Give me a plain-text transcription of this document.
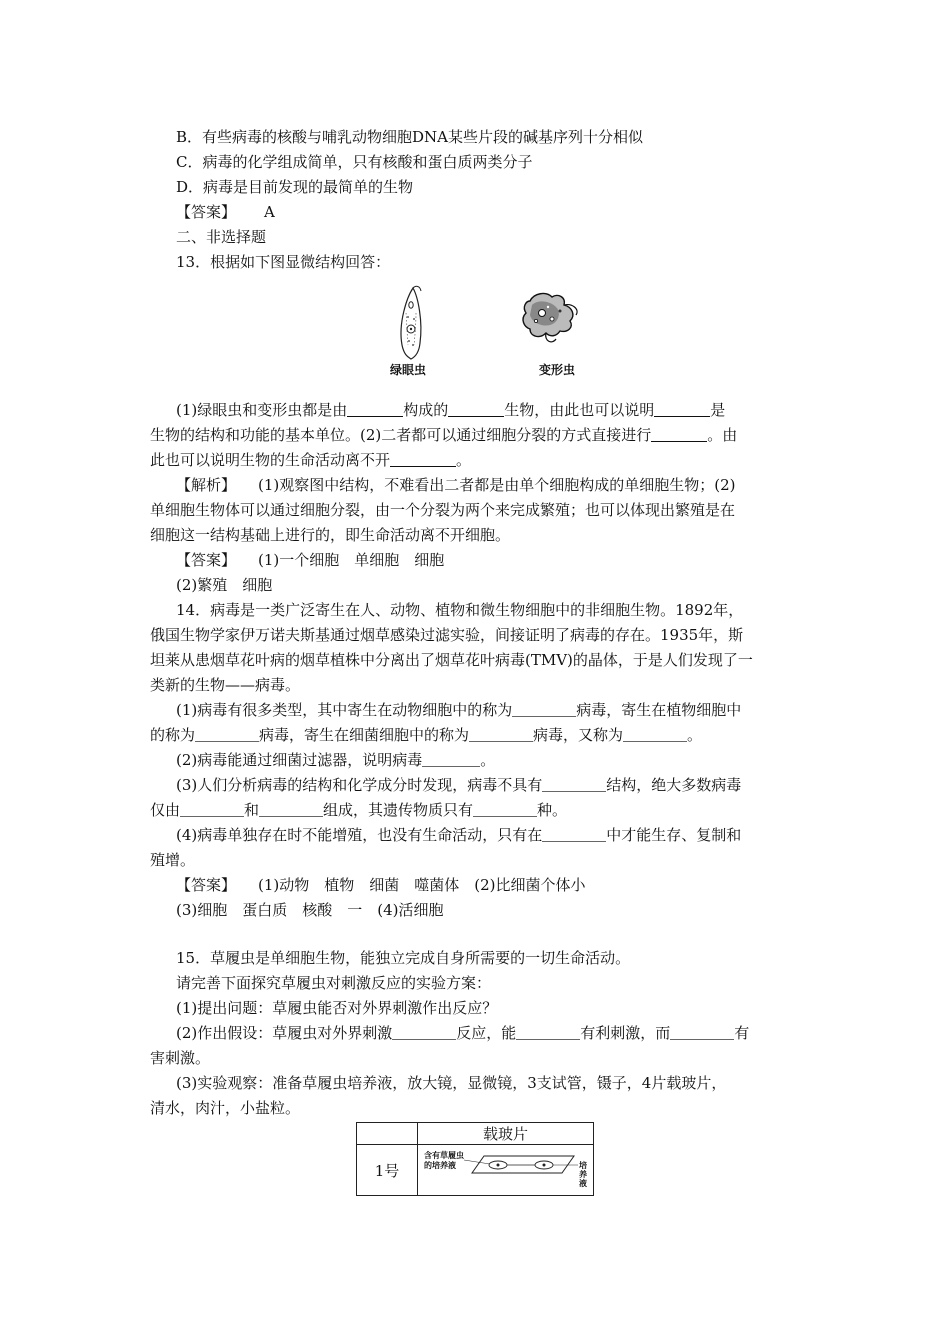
B．有些病毒的核酸与哺乳动物细胞DNA某些片段的碱基序列十分相似
C．病毒的化学组成简单，只有核酸和蛋白质两类分子
D．病毒是目前发现的最简单的生物
【答案】 A
二、非选择题
13．根据如下图显微结构回答：
绿眼虫	变形虫
(1)绿眼虫和变形虫都是由	构成的	生物，由此也可以说明	是
生物的结构和功能的基本单位。(2)二者都可以通过细胞分裂的方式直接进行	。由
此也可以说明生物的生命活动离不开	。
【解析】 (1)观察图中结构，不难看出二者都是由单个细胞构成的单细胞生物；(2)
单细胞生物体可以通过细胞分裂，由一个分裂为两个来完成繁殖；也可以体现出繁殖是在
细胞这一结构基础上进行的，即生命活动离不开细胞。
【答案】 (1)一个细胞　单细胞　细胞
(2)繁殖　细胞
14．病毒是一类广泛寄生在人、动物、植物和微生物细胞中的非细胞生物。1892年，
俄国生物学家伊万诺夫斯基通过烟草感染过滤实验，间接证明了病毒的存在。1935年，斯
坦莱从患烟草花叶病的烟草植株中分离出了烟草花叶病毒(TMV)的晶体，于是人们发现了一
类新的生物——病毒。
(1)病毒有很多类型，其中寄生在动物细胞中的称为	病毒，寄生在植物细胞中
的称为	病毒，寄生在细菌细胞中的称为	病毒，又称为	。
(2)病毒能通过细菌过滤器，说明病毒	。
(3)人们分析病毒的结构和化学成分时发现，病毒不具有	结构，绝大多数病毒
仅由	和	组成，其遗传物质只有	种。
(4)病毒单独存在时不能增殖，也没有生命活动，只有在	中才能生存、复制和
殖增。
【答案】 (1)动物　植物　细菌　噬菌体　(2)比细菌个体小
(3)细胞　蛋白质　核酸　一　(4)活细胞
15．草履虫是单细胞生物，能独立完成自身所需要的一切生命活动。
请完善下面探究草履虫对刺激反应的实验方案：
(1)提出问题：草履虫能否对外界刺激作出反应？
(2)作出假设：草履虫对外界刺激	反应，能	有利刺激，而	有
害刺激。
(3)实验观察：准备草履虫培养液，放大镜，显微镜，3支试管，镊子，4片载玻片，
清水，肉汁，小盐粒。
	载玻片
1号	含有草履虫
的培养液 培养液
